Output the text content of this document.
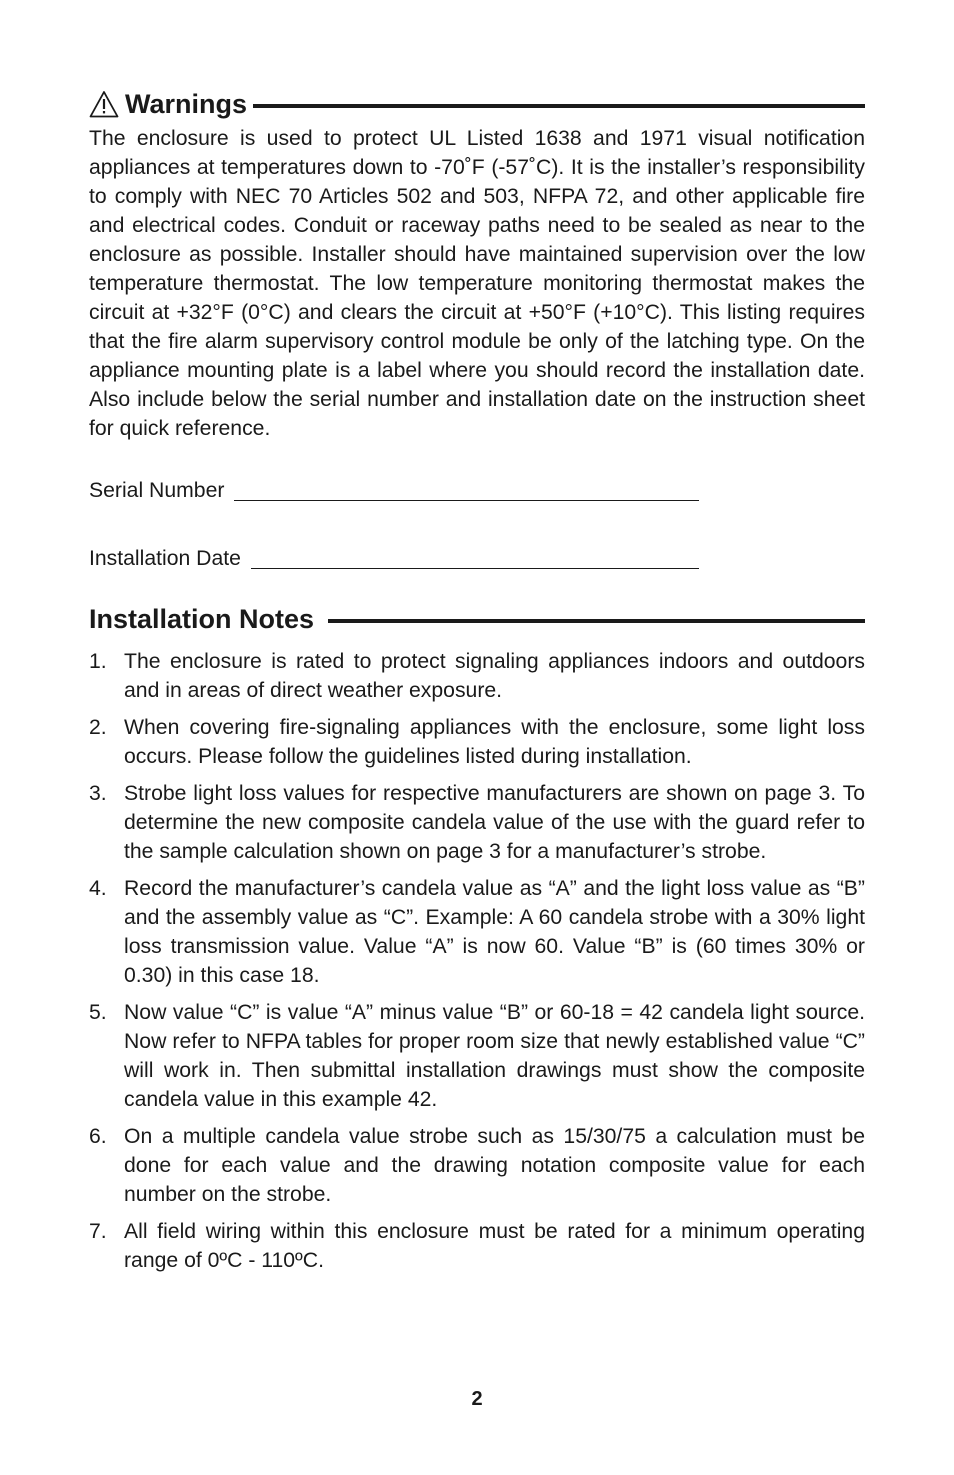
Warnings

The enclosure is used to protect UL Listed 1638 and 1971 visual notification appliances at temperatures down to -70˚F (-57˚C). It is the installer’s responsibility to comply with NEC 70 Articles 502 and 503, NFPA 72, and other applicable fire and electrical codes. Conduit or raceway paths need to be sealed as near to the enclosure as possible. Installer should have maintained supervision over the low temperature thermostat. The low temperature monitoring thermostat makes the circuit at +32°F (0°C) and clears the circuit at +50°F (+10°C). This listing requires that the fire alarm supervisory control module be only of the latching type. On the appliance mounting plate is a label where you should record the installation date. Also include below the serial number and installation date on the instruction sheet for quick reference.

Serial Number
Installation Date
Installation Notes
1. The enclosure is rated to protect signaling appliances indoors and outdoors and in areas of direct weather exposure.
2. When covering fire-signaling appliances with the enclosure, some light loss occurs. Please follow the guidelines listed during installation.
3. Strobe light loss values for respective manufacturers are shown on page 3. To determine the new composite candela value of the use with the guard refer to the sample calculation shown on page 3 for a manufacturer’s strobe.
4. Record the manufacturer’s candela value as “A” and the light loss value as “B” and the assembly value as “C”. Example: A 60 candela strobe with a 30% light loss transmission value. Value “A” is now 60. Value “B” is (60 times 30% or 0.30) in this case 18.
5. Now value “C” is value “A” minus value “B” or 60-18 = 42 candela light source. Now refer to NFPA tables for proper room size that newly established value “C” will work in. Then submittal installation drawings must show the composite candela value in this example 42.
6. On a multiple candela value strobe such as 15/30/75 a calculation must be done for each value and the drawing notation composite value for each number on the strobe.
7. All field wiring within this enclosure must be rated for a minimum operating range of 0ºC - 110ºC.
2
